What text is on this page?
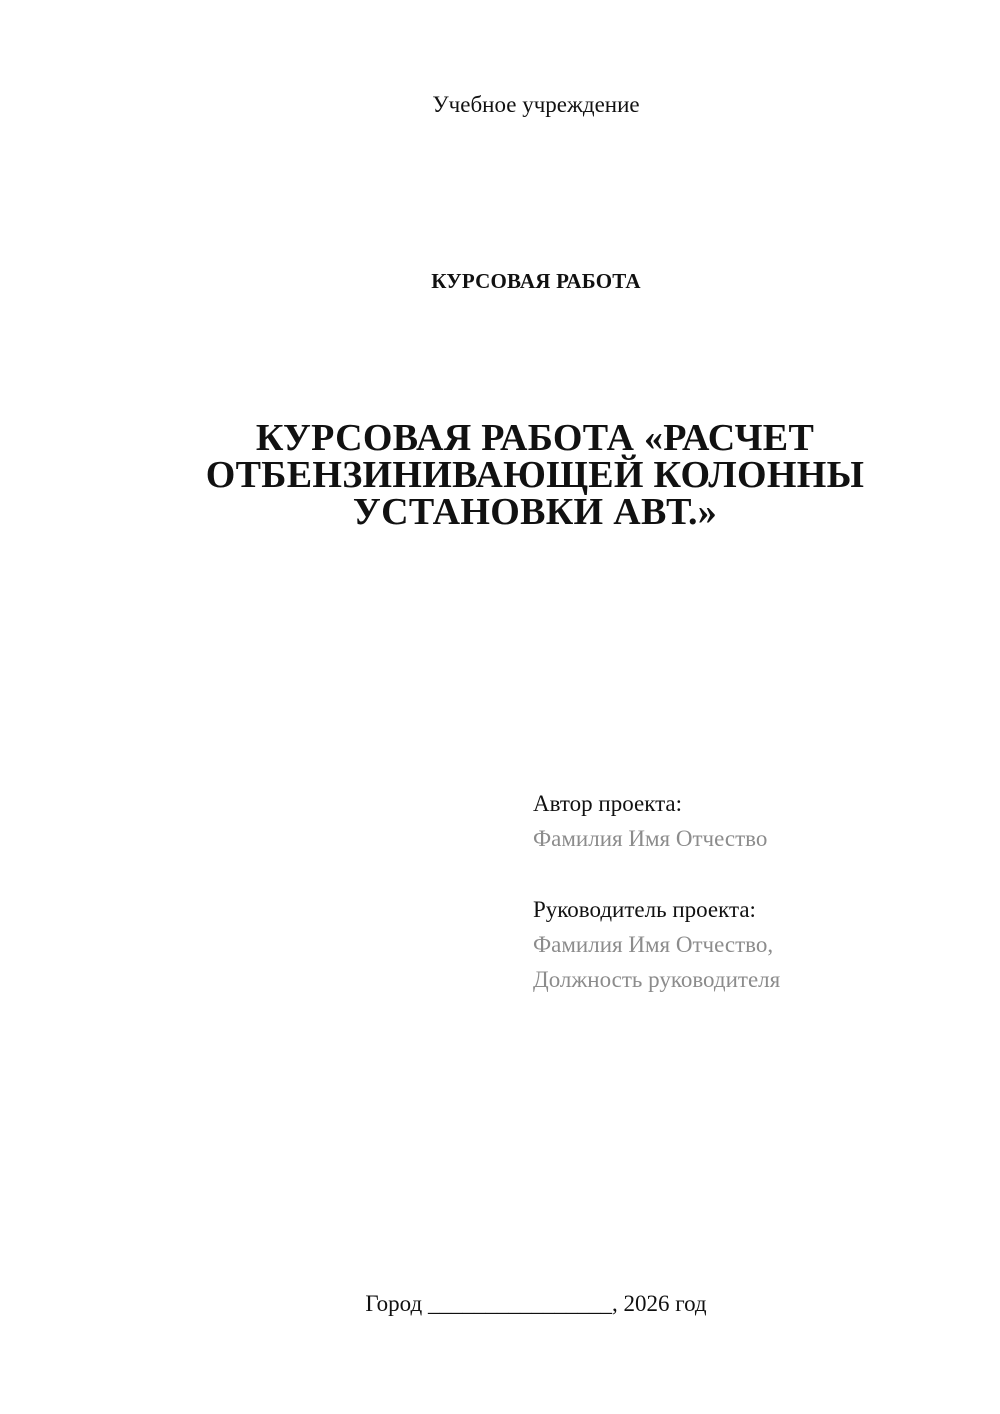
Учебное учреждение
КУРСОВАЯ РАБОТА
КУРСОВАЯ РАБОТА «РАСЧЕТ
ОТБЕНЗИНИВАЮЩЕЙ КОЛОННЫ
УСТАНОВКИ АВТ.»
Автор проекта:
Фамилия Имя Отчество
Руководитель проекта:
Фамилия Имя Отчество,
Должность руководителя
Город ________________, 2026 год
